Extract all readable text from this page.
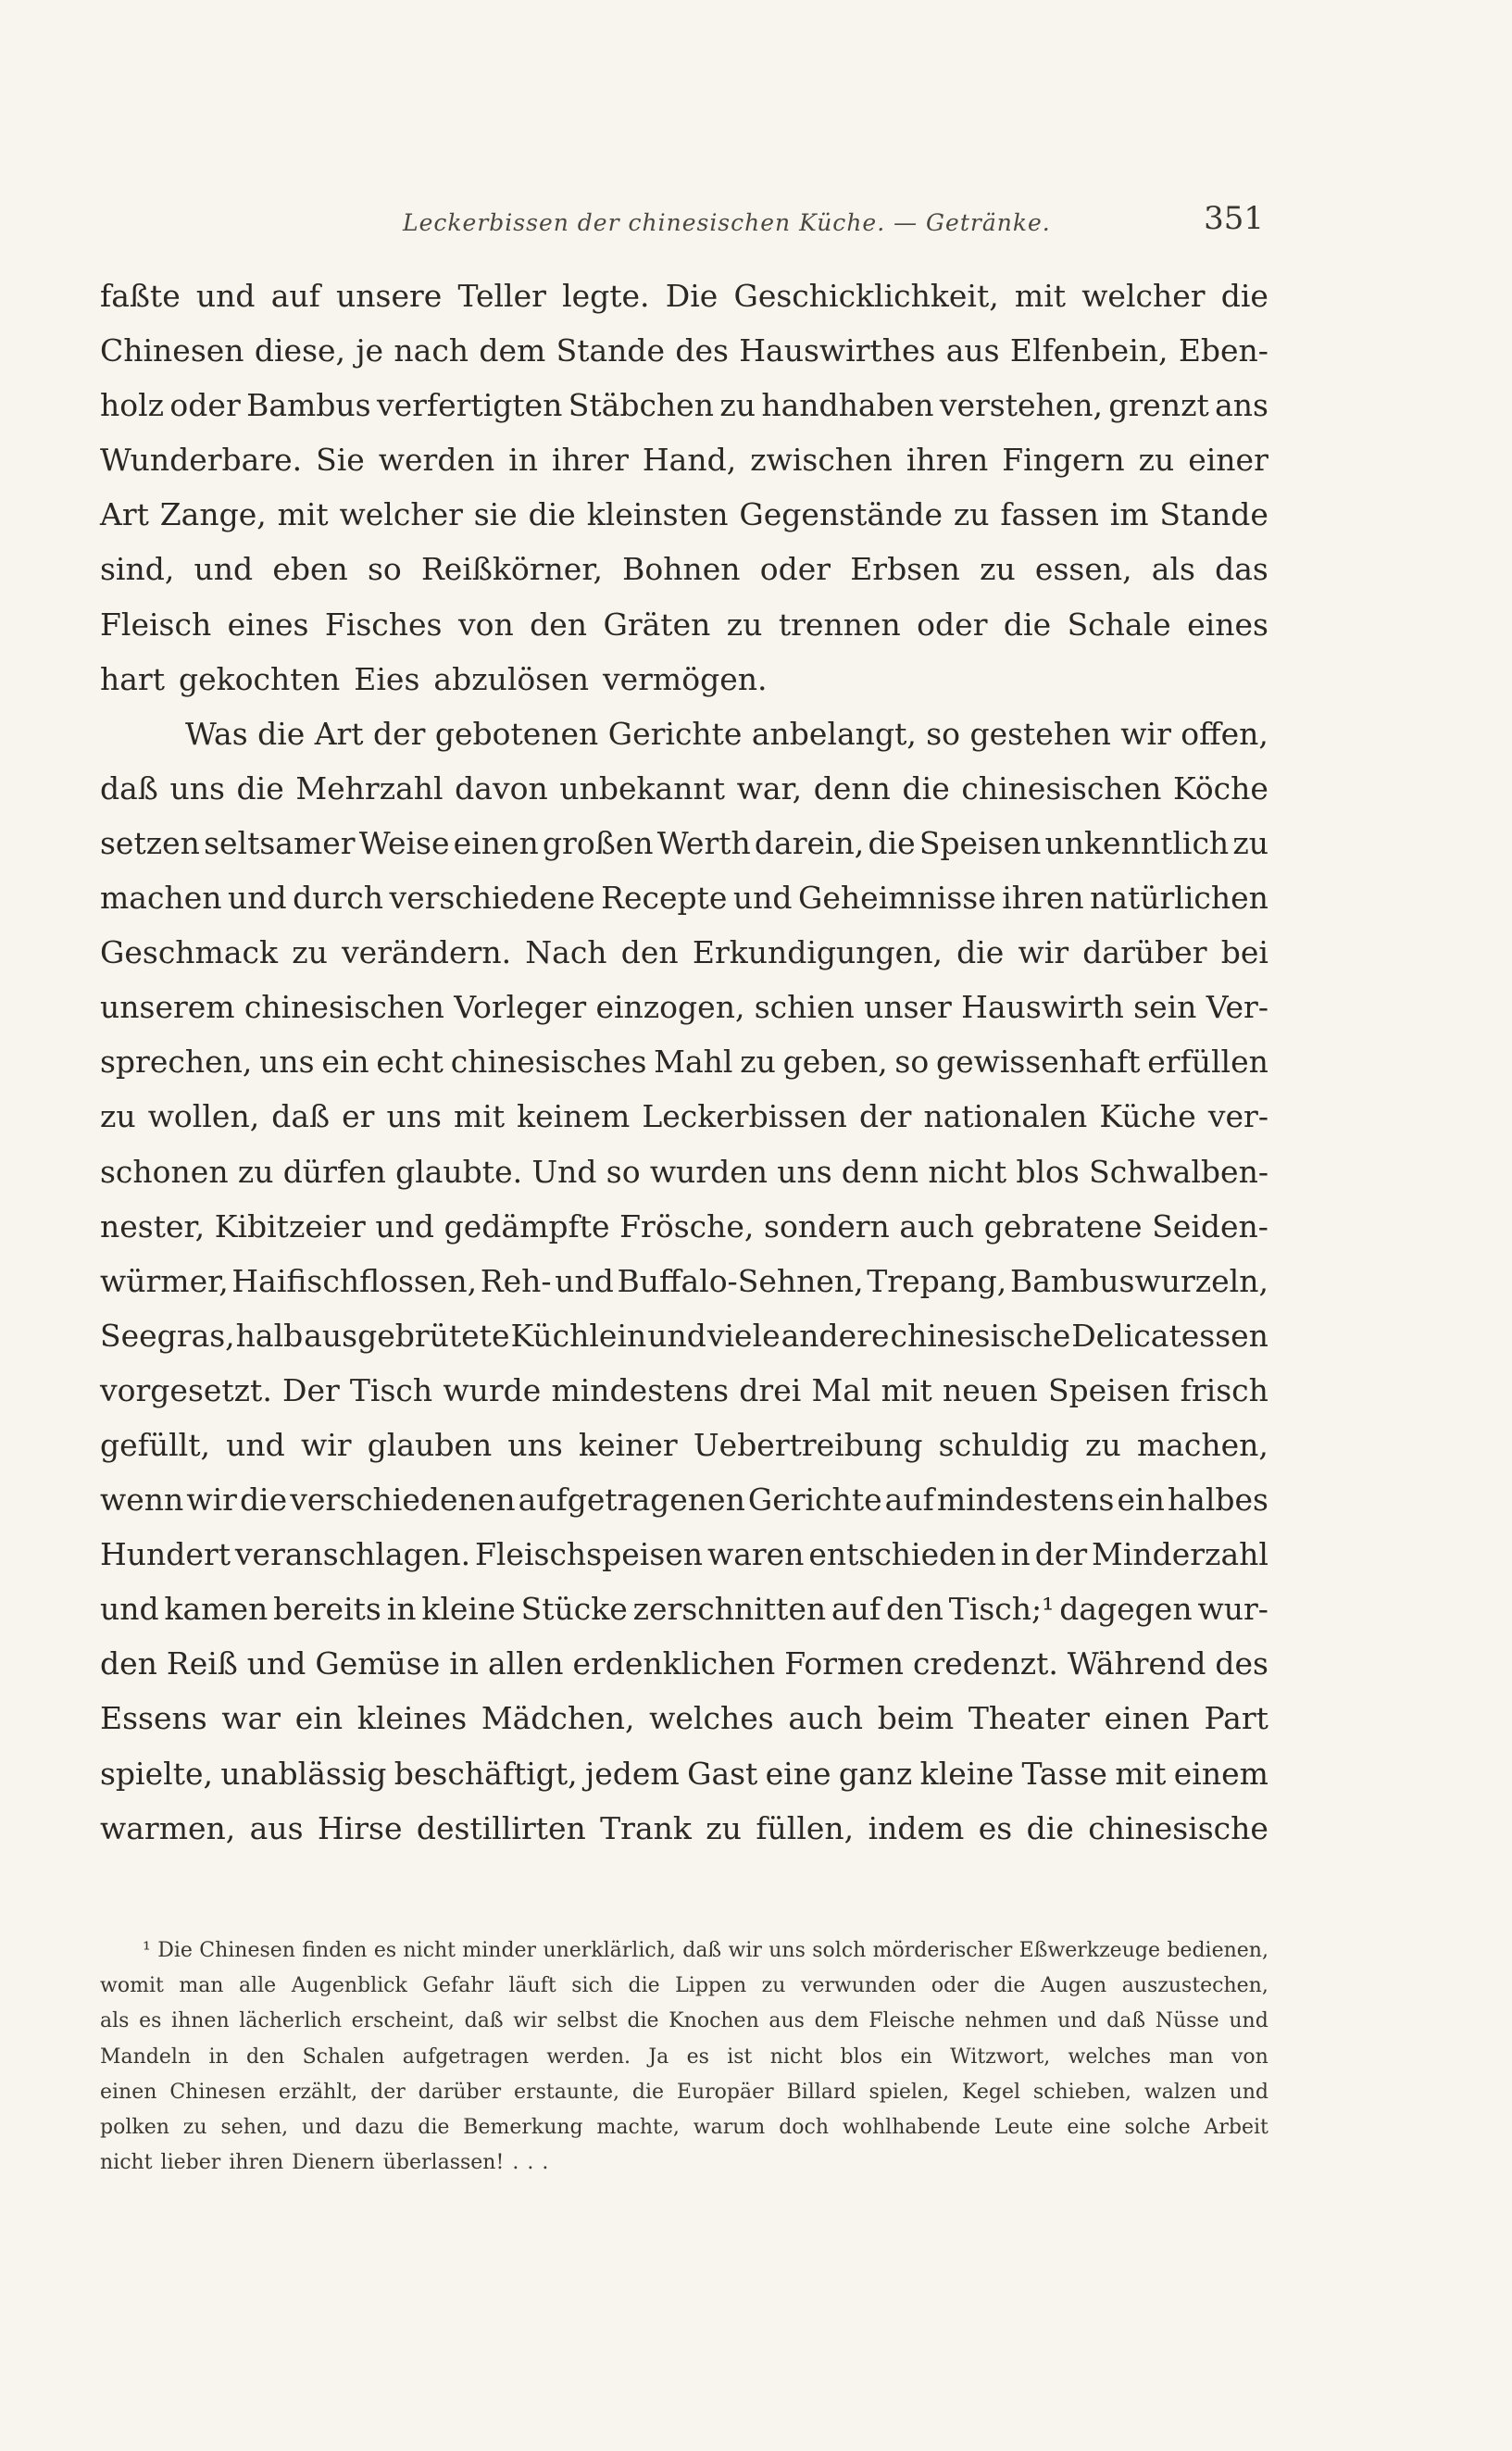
Leckerbissen der chinesischen Küche. — Getränke.	351
faßte und auf unsere Teller legte. Die Geschicklichkeit, mit welcher die
Chinesen diese, je nach dem Stande des Hauswirthes aus Elfenbein, Eben-
holz oder Bambus verfertigten Stäbchen zu handhaben verstehen, grenzt ans
Wunderbare. Sie werden in ihrer Hand, zwischen ihren Fingern zu einer
Art Zange, mit welcher sie die kleinsten Gegenstände zu fassen im Stande
sind, und eben so Reißkörner, Bohnen oder Erbsen zu essen, als das
Fleisch eines Fisches von den Gräten zu trennen oder die Schale eines
hart gekochten Eies abzulösen vermögen.
Was die Art der gebotenen Gerichte anbelangt, so gestehen wir offen,
daß uns die Mehrzahl davon unbekannt war, denn die chinesischen Köche
setzen seltsamer Weise einen großen Werth darein, die Speisen unkenntlich zu
machen und durch verschiedene Recepte und Geheimnisse ihren natürlichen
Geschmack zu verändern. Nach den Erkundigungen, die wir darüber bei
unserem chinesischen Vorleger einzogen, schien unser Hauswirth sein Ver-
sprechen, uns ein echt chinesisches Mahl zu geben, so gewissenhaft erfüllen
zu wollen, daß er uns mit keinem Leckerbissen der nationalen Küche ver-
schonen zu dürfen glaubte. Und so wurden uns denn nicht blos Schwalben-
nester, Kibitzeier und gedämpfte Frösche, sondern auch gebratene Seiden-
würmer, Haifischflossen, Reh- und Buffalo-Sehnen, Trepang, Bambuswurzeln,
Seegras, halb ausgebrütete Küchlein und viele andere chinesische Delicatessen
vorgesetzt. Der Tisch wurde mindestens drei Mal mit neuen Speisen frisch
gefüllt, und wir glauben uns keiner Uebertreibung schuldig zu machen,
wenn wir die verschiedenen aufgetragenen Gerichte auf mindestens ein halbes
Hundert veranschlagen. Fleischspeisen waren entschieden in der Minderzahl
und kamen bereits in kleine Stücke zerschnitten auf den Tisch;¹ dagegen wur-
den Reiß und Gemüse in allen erdenklichen Formen credenzt. Während des
Essens war ein kleines Mädchen, welches auch beim Theater einen Part
spielte, unablässig beschäftigt, jedem Gast eine ganz kleine Tasse mit einem
warmen, aus Hirse destillirten Trank zu füllen, indem es die chinesische
¹ Die Chinesen finden es nicht minder unerklärlich, daß wir uns solch mörderischer Eßwerkzeuge bedienen,
womit man alle Augenblick Gefahr läuft sich die Lippen zu verwunden oder die Augen auszustechen,
als es ihnen lächerlich erscheint, daß wir selbst die Knochen aus dem Fleische nehmen und daß Nüsse und
Mandeln in den Schalen aufgetragen werden. Ja es ist nicht blos ein Witzwort, welches man von
einen Chinesen erzählt, der darüber erstaunte, die Europäer Billard spielen, Kegel schieben, walzen und
polken zu sehen, und dazu die Bemerkung machte, warum doch wohlhabende Leute eine solche Arbeit
nicht lieber ihren Dienern überlassen! . . .
